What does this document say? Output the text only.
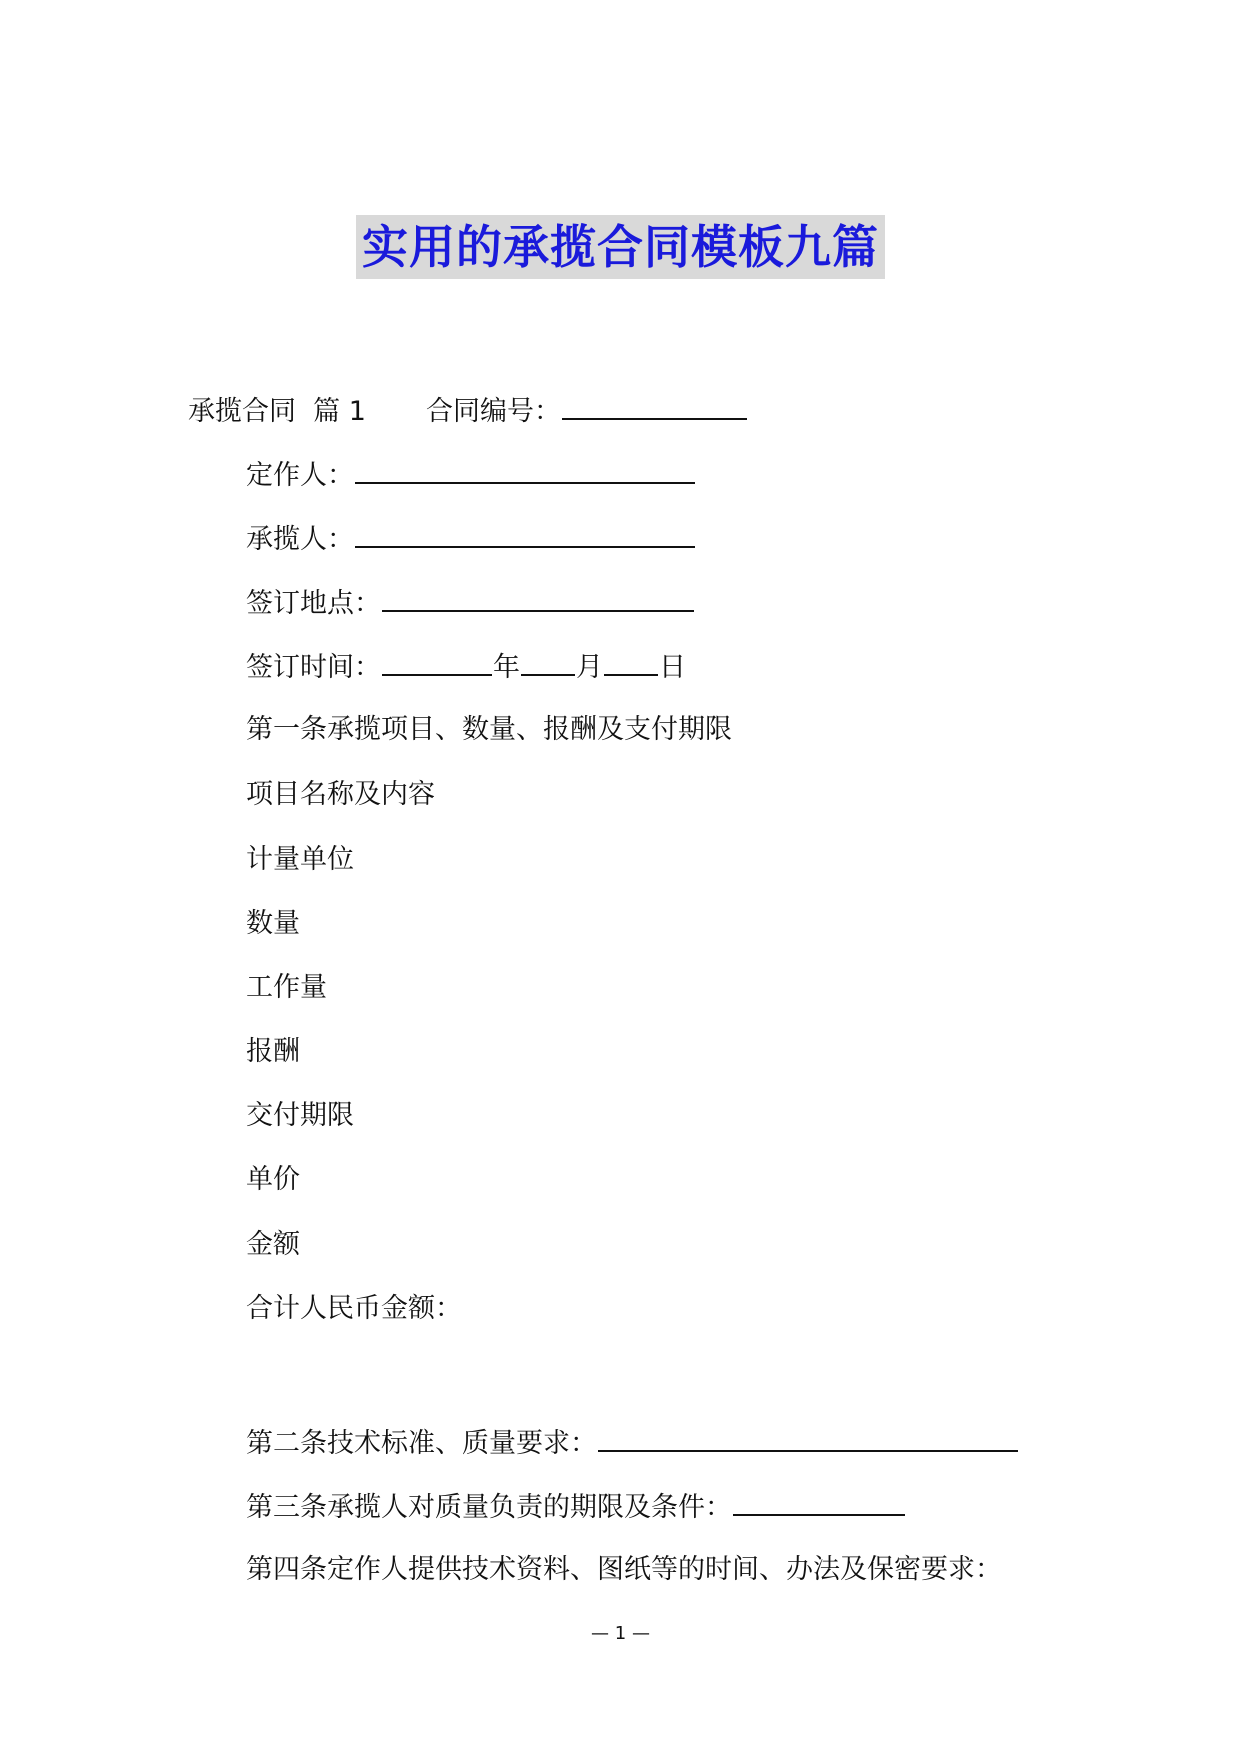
实用的承揽合同模板九篇
承揽合同 篇 1 合同编号：
定作人：
承揽人：
签订地点：
签订时间：	年 月 日
第一条承揽项目、数量、报酬及支付期限
项目名称及内容
计量单位
数量
工作量
报酬
交付期限
单价
金额
合计人民币金额：
第二条技术标准、质量要求：
第三条承揽人对质量负责的期限及条件：
第四条定作人提供技术资料、图纸等的时间、办法及保密要求：
— 1 —
